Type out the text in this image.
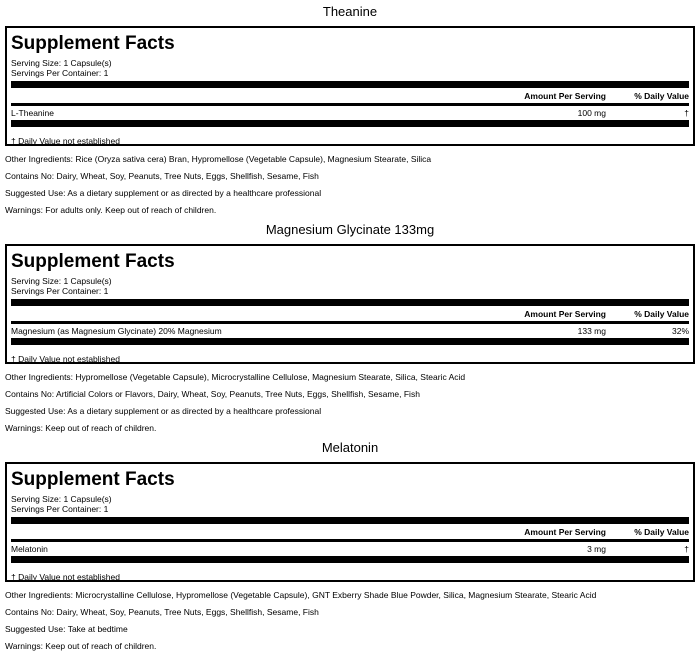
Theanine
Supplement Facts
Serving Size: 1 Capsule(s)
Servings Per Container: 1
Amount Per Serving	% Daily Value
L-Theanine	100 mg	†
† Daily Value not established
Other Ingredients: Rice (Oryza sativa cera) Bran, Hypromellose (Vegetable Capsule), Magnesium Stearate, Silica
Contains No: Dairy, Wheat, Soy, Peanuts, Tree Nuts, Eggs, Shellfish, Sesame, Fish
Suggested Use: As a dietary supplement or as directed by a healthcare professional
Warnings: For adults only. Keep out of reach of children.
Magnesium Glycinate 133mg
Supplement Facts
Serving Size: 1 Capsule(s)
Servings Per Container: 1
Amount Per Serving	% Daily Value
Magnesium (as Magnesium Glycinate) 20% Magnesium	133 mg	32%
† Daily Value not established
Other Ingredients: Hypromellose (Vegetable Capsule), Microcrystalline Cellulose, Magnesium Stearate, Silica, Stearic Acid
Contains No: Artificial Colors or Flavors, Dairy, Wheat, Soy, Peanuts, Tree Nuts, Eggs, Shellfish, Sesame, Fish
Suggested Use: As a dietary supplement or as directed by a healthcare professional
Warnings: Keep out of reach of children.
Melatonin
Supplement Facts
Serving Size: 1 Capsule(s)
Servings Per Container: 1
Amount Per Serving	% Daily Value
Melatonin	3 mg	†
† Daily Value not established
Other Ingredients: Microcrystalline Cellulose, Hypromellose (Vegetable Capsule), GNT Exberry Shade Blue Powder, Silica, Magnesium Stearate, Stearic Acid
Contains No: Dairy, Wheat, Soy, Peanuts, Tree Nuts, Eggs, Shellfish, Sesame, Fish
Suggested Use: Take at bedtime
Warnings: Keep out of reach of children.
